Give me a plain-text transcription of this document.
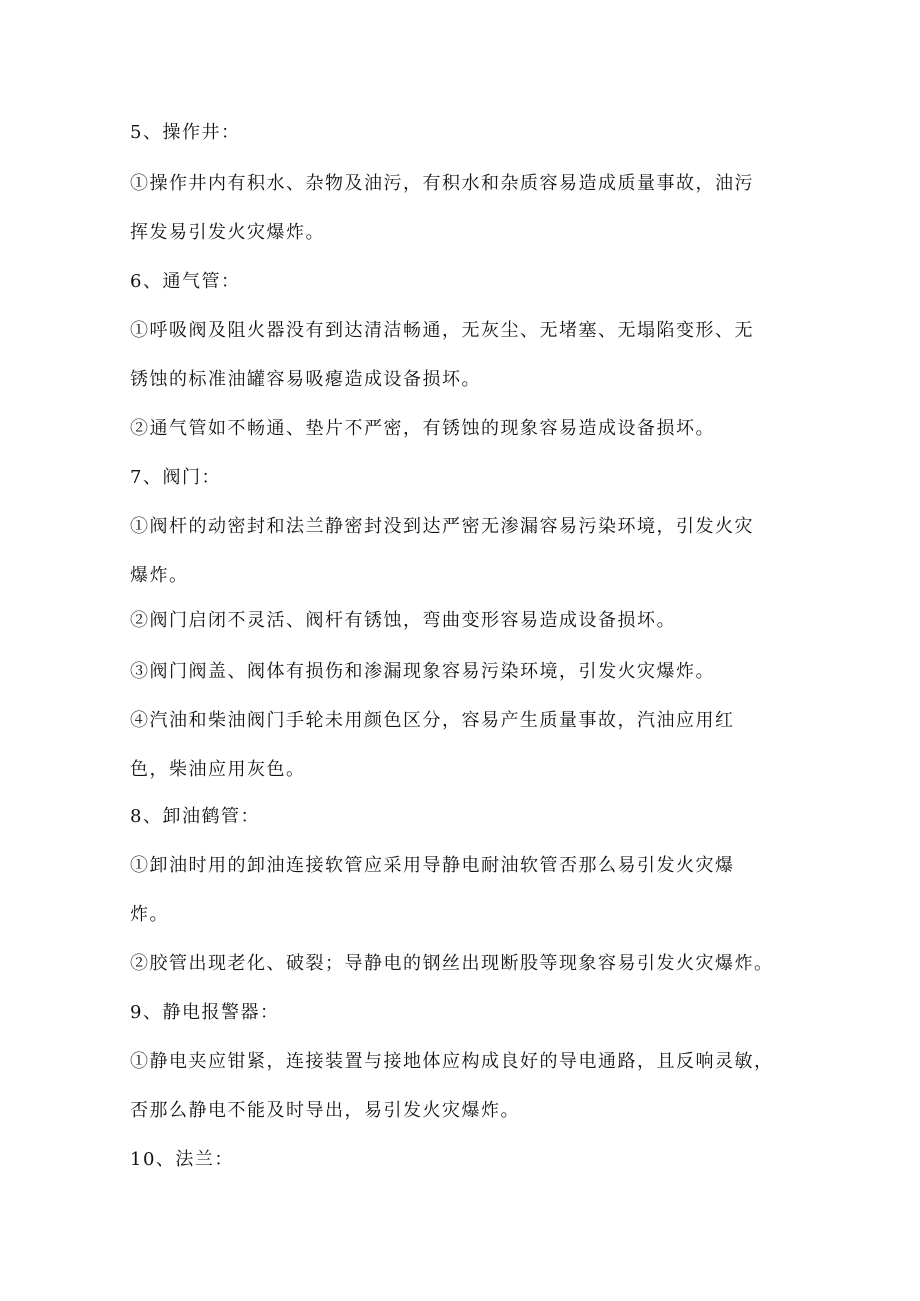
5、操作井：
①操作井内有积水、杂物及油污，有积水和杂质容易造成质量事故，油污
挥发易引发火灾爆炸。
6、通气管：
①呼吸阀及阻火器没有到达清洁畅通，无灰尘、无堵塞、无塌陷变形、无
锈蚀的标准油罐容易吸瘪造成设备损坏。
②通气管如不畅通、垫片不严密，有锈蚀的现象容易造成设备损坏。
7、阀门：
①阀杆的动密封和法兰静密封没到达严密无渗漏容易污染环境，引发火灾
爆炸。
②阀门启闭不灵活、阀杆有锈蚀，弯曲变形容易造成设备损坏。
③阀门阀盖、阀体有损伤和渗漏现象容易污染环境，引发火灾爆炸。
④汽油和柴油阀门手轮未用颜色区分，容易产生质量事故，汽油应用红
色，柴油应用灰色。
8、卸油鹤管：
①卸油时用的卸油连接软管应采用导静电耐油软管否那么易引发火灾爆
炸。
②胶管出现老化、破裂；导静电的钢丝出现断股等现象容易引发火灾爆炸。
9、静电报警器：
①静电夹应钳紧，连接装置与接地体应构成良好的导电通路，且反响灵敏，
否那么静电不能及时导出，易引发火灾爆炸。
10、法兰：
